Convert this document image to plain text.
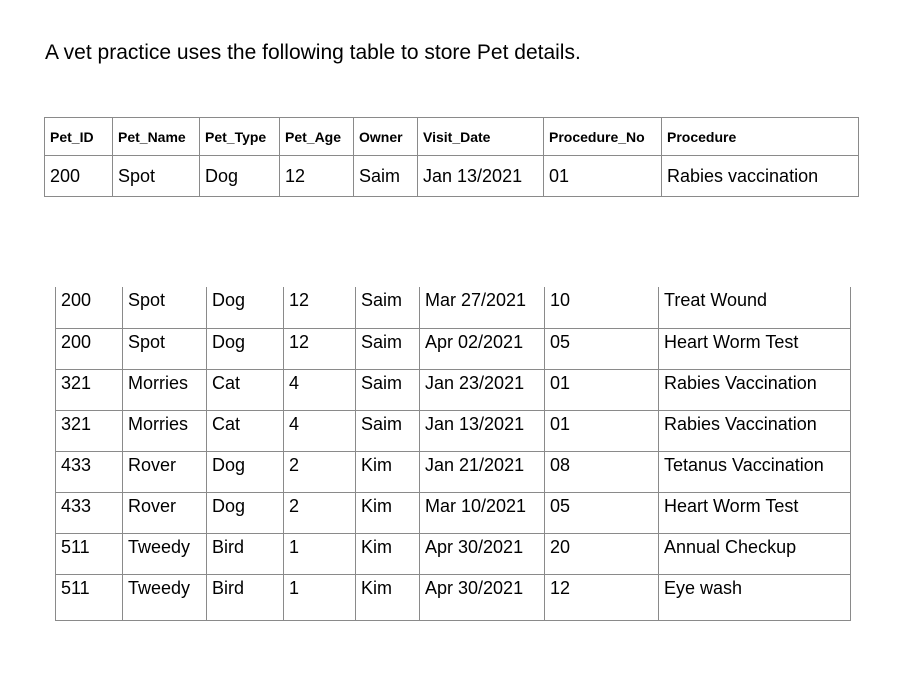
A vet practice uses the following table to store Pet details.

Pet_ID	Pet_Name	Pet_Type	Pet_Age	Owner	Visit_Date	Procedure_No	Procedure
200	Spot	Dog	12	Saim	Jan 13/2021	01	Rabies vaccination
200	Spot	Dog	12	Saim	Mar 27/2021	10	Treat Wound
200	Spot	Dog	12	Saim	Apr 02/2021	05	Heart Worm Test
321	Morries	Cat	4	Saim	Jan 23/2021	01	Rabies Vaccination
321	Morries	Cat	4	Saim	Jan 13/2021	01	Rabies Vaccination
433	Rover	Dog	2	Kim	Jan 21/2021	08	Tetanus Vaccination
433	Rover	Dog	2	Kim	Mar 10/2021	05	Heart Worm Test
511	Tweedy	Bird	1	Kim	Apr 30/2021	20	Annual Checkup
511	Tweedy	Bird	1	Kim	Apr 30/2021	12	Eye wash
